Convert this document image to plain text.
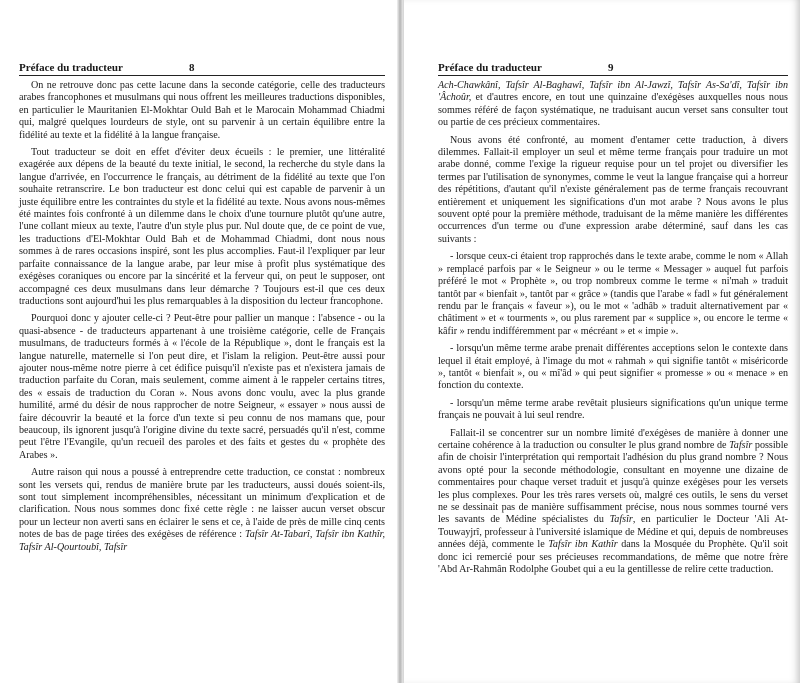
Préface du traducteur	8

On ne retrouve donc pas cette lacune dans la seconde catégorie, celle des traducteurs arabes francophones et musulmans qui nous offrent les meilleures traductions disponibles, en particulier le Mauritanien El-Mokhtar Ould Bah et le Marocain Mohammad Chiadmi qui, malgré quelques lourdeurs de style, ont su parvenir à un certain équilibre entre la fidélité au texte et la fidélité à la langue française.

Tout traducteur se doit en effet d'éviter deux écueils : le premier, une littéralité exagérée aux dépens de la beauté du texte initial, le second, la recherche du style dans la langue d'arrivée, en l'occurrence le français, au détriment de la fidélité au texte que l'on souhaite retranscrire. Le bon traducteur est donc celui qui est capable de parvenir à un juste équilibre entre les contraintes du style et la fidélité au texte. Nous avons nous-mêmes été maintes fois confronté à un dilemme dans le choix d'une tournure plutôt qu'une autre, l'une collant mieux au texte, l'autre d'un style plus pur. Nul doute que, de ce point de vue, les traductions d'El-Mokhtar Ould Bah et de Mohammad Chiadmi, dont nous nous sommes à de rares occasions inspiré, sont les plus accomplies. Faut-il l'expliquer par leur parfaite connaissance de la langue arabe, par leur mise à profit plus systématique des exégèses coraniques ou encore par la sincérité et la ferveur qui, on peut le supposer, ont accompagné ces deux musulmans dans leur démarche ? Toujours est-il que ces deux traductions sont aujourd'hui les plus remarquables à la disposition du lecteur francophone.

Pourquoi donc y ajouter celle-ci ? Peut-être pour pallier un manque : l'absence - ou la quasi-absence - de traducteurs appartenant à une troisième catégorie, celle de Français musulmans, de traducteurs formés à « l'école de la République », dont le français est la langue naturelle, maternelle si l'on peut dire, et l'islam la religion. Peut-être aussi pour ajouter nous-même notre pierre à cet édifice puisqu'il n'existe pas et n'existera jamais de traduction parfaite du Coran, mais seulement, comme aiment à le rappeler certains titres, des « essais de traduction du Coran ». Nous avons donc voulu, avec la plus grande humilité, armé du désir de nous rapprocher de notre Seigneur, « essayer » nous aussi de faire découvrir la beauté et la force d'un texte si peu connu de nos mamans que, pour beaucoup, ils ignorent jusqu'à l'origine divine du texte sacré, persuadés qu'il n'est, comme peut l'être l'Evangile, qu'un recueil des paroles et des faits et gestes du « prophète des Arabes ».

Autre raison qui nous a poussé à entreprendre cette traduction, ce constat : nombreux sont les versets qui, rendus de manière brute par les traducteurs, aussi doués soient-ils, sont tout simplement incompréhensibles, nécessitant un minimum d'explication et de clarification. Nous nous sommes donc fixé cette règle : ne laisser aucun verset obscur pour un lecteur non averti sans en éclairer le sens et ce, à l'aide de près de mille cinq cents notes de bas de page tirées des exégèses de référence : Tafsîr At-Tabarî, Tafsîr ibn Kathîr, Tafsîr Al-Qourtoubî, Tafsîr

Préface du traducteur	9

Ach-Chawkânî, Tafsîr Al-Baghawî, Tafsîr ibn Al-Jawzî, Tafsîr As-Sa'dî, Tafsîr ibn 'Âchoûr, et d'autres encore, en tout une quinzaine d'exégèses auxquelles nous nous sommes référé de façon systématique, ne traduisant aucun verset sans consulter tout ou partie de ces précieux commentaires.

Nous avons été confronté, au moment d'entamer cette traduction, à divers dilemmes. Fallait-il employer un seul et même terme français pour traduire un mot arabe donné, comme l'exige la rigueur requise pour un tel projet ou diversifier les termes par l'utilisation de synonymes, comme le veut la langue française qui a horreur des répétitions, d'autant qu'il n'existe généralement pas de terme français recouvrant entièrement et uniquement les significations d'un mot arabe ? Nous avons le plus souvent opté pour la première méthode, traduisant de la même manière les différentes occurrences d'un terme ou d'une expression arabe déterminé, sauf dans les cas suivants :

- lorsque ceux-ci étaient trop rapprochés dans le texte arabe, comme le nom « Allah » remplacé parfois par « le Seigneur » ou le terme « Messager » auquel fut parfois préféré le mot « Prophète », ou trop nombreux comme le terme « ni'mah » traduit tantôt par « bienfait », tantôt par « grâce » (tandis que l'arabe « fadl » fut généralement rendu par le français « faveur »), ou le mot « 'adhâb » traduit alternativement par « châtiment » et « tourments », ou plus rarement par « supplice », ou encore le terme « kâfir » rendu indifféremment par « mécréant » et « impie ».

- lorsqu'un même terme arabe prenait différentes acceptions selon le contexte dans lequel il était employé, à l'image du mot « rahmah » qui signifie tantôt « miséricorde », tantôt « bienfait », ou « mî'âd » qui peut signifier « promesse » ou « menace » en fonction du contexte.

- lorsqu'un même terme arabe revêtait plusieurs significations qu'un unique terme français ne pouvait à lui seul rendre.

Fallait-il se concentrer sur un nombre limité d'exégèses de manière à donner une certaine cohérence à la traduction ou consulter le plus grand nombre de Tafsîr possible afin de choisir l'interprétation qui remportait l'adhésion du plus grand nombre ? Nous avons opté pour la seconde méthodologie, consultant en moyenne une dizaine de commentaires pour chaque verset traduit et jusqu'à quinze exégèses pour les versets les plus complexes. Pour les très rares versets où, malgré ces outils, le sens du verset ne se dessinait pas de manière suffisamment précise, nous nous sommes tourné vers les savants de Médine spécialistes du Tafsîr, en particulier le Docteur 'Ali At-Touwayjrî, professeur à l'université islamique de Médine et qui, depuis de nombreuses années déjà, commente le Tafsîr ibn Kathîr dans la Mosquée du Prophète. Qu'il soit donc ici remercié pour ses précieuses recommandations, de même que notre frère 'Abd Ar-Rahmân Rodolphe Goubet qui a eu la gentillesse de relire cette traduction.
